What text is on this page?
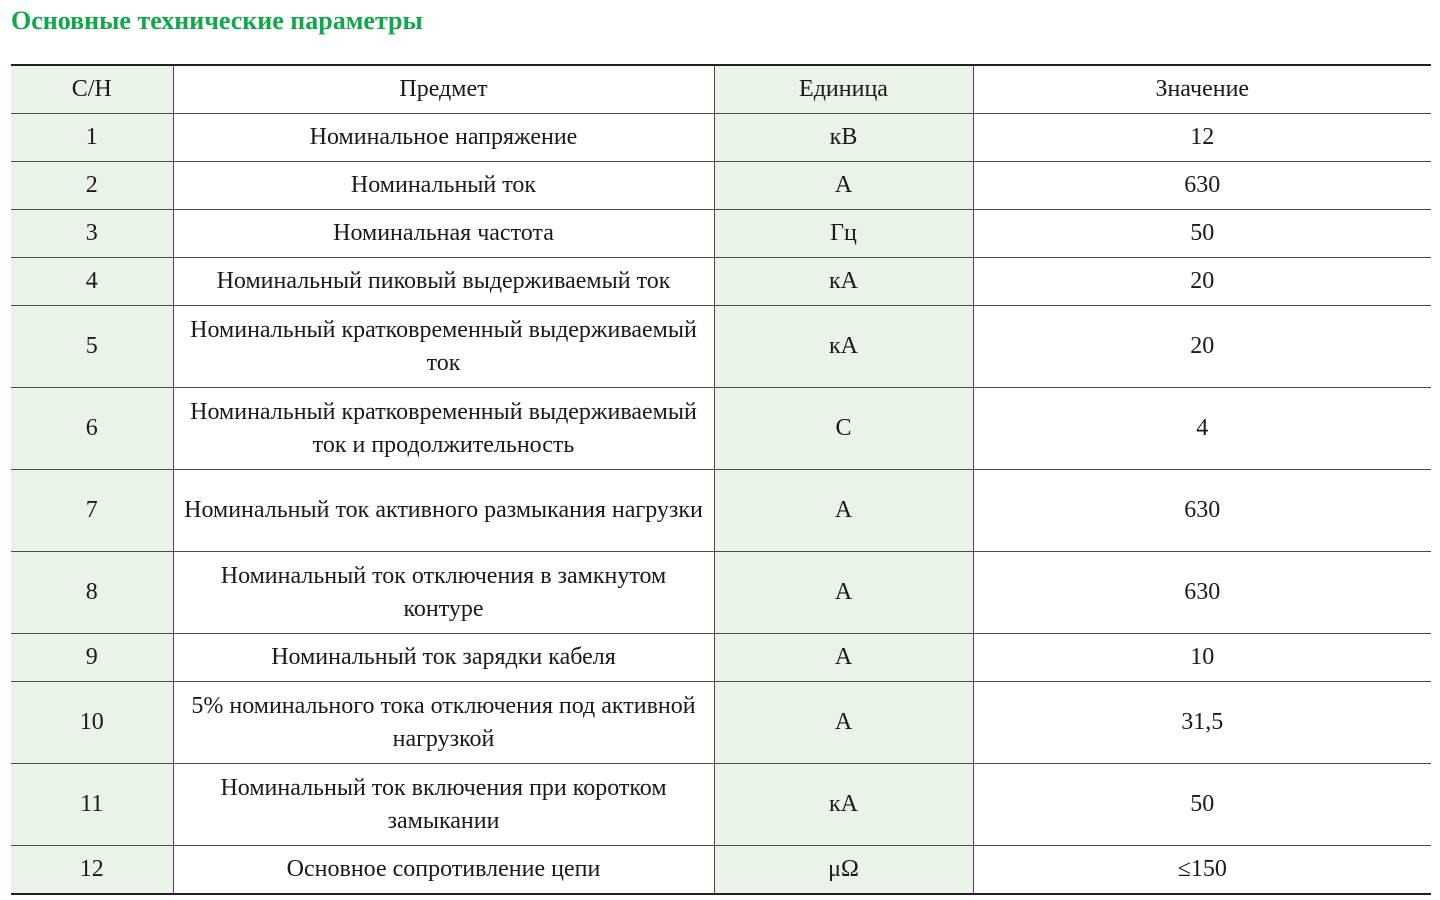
Основные технические параметры
С/Н	Предмет	Единица	Значение
1	Номинальное напряжение	кВ	12
2	Номинальный ток	A	630
3	Номинальная частота	Гц	50
4	Номинальный пиковый выдерживаемый ток	кА	20
5	Номинальный кратковременный выдерживаемый ток	кА	20
6	Номинальный кратковременный выдерживаемый ток и продолжительность	С	4
7	Номинальный ток активного размыкания нагрузки	A	630
8	Номинальный ток отключения в замкнутом контуре	A	630
9	Номинальный ток зарядки кабеля	A	10
10	5% номинального тока отключения под активной нагрузкой	A	31,5
11	Номинальный ток включения при коротком замыкании	кА	50
12	Основное сопротивление цепи	μΩ	≤150
